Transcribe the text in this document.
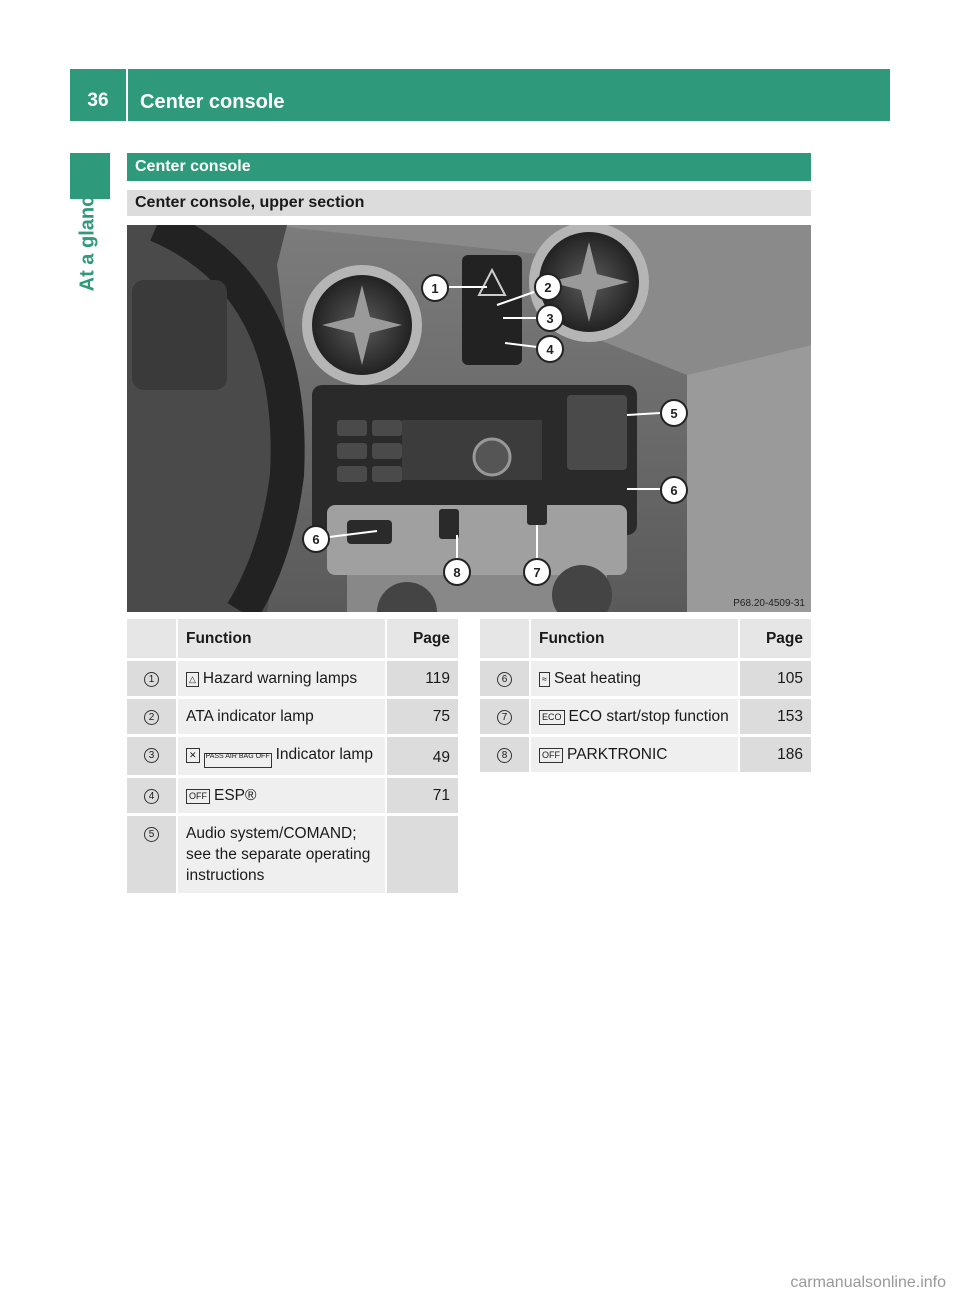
36	Center console
At a glance
Center console
Center console, upper section
1	2
3
4
5
6
6
7
8
P68.20-4509-31
	Function	Page
1	△ Hazard warning lamps	119
2	ATA indicator lamp	75
3	✕ PASS AIR BAG OFF Indicator lamp	49
4	OFF ESP®	71
5	Audio system/COMAND; see the separate operating instructions	

	Function	Page
6	≈ Seat heating	105
7	ECO ECO start/stop function	153
8	OFF PARKTRONIC	186
carmanualsonline.info
